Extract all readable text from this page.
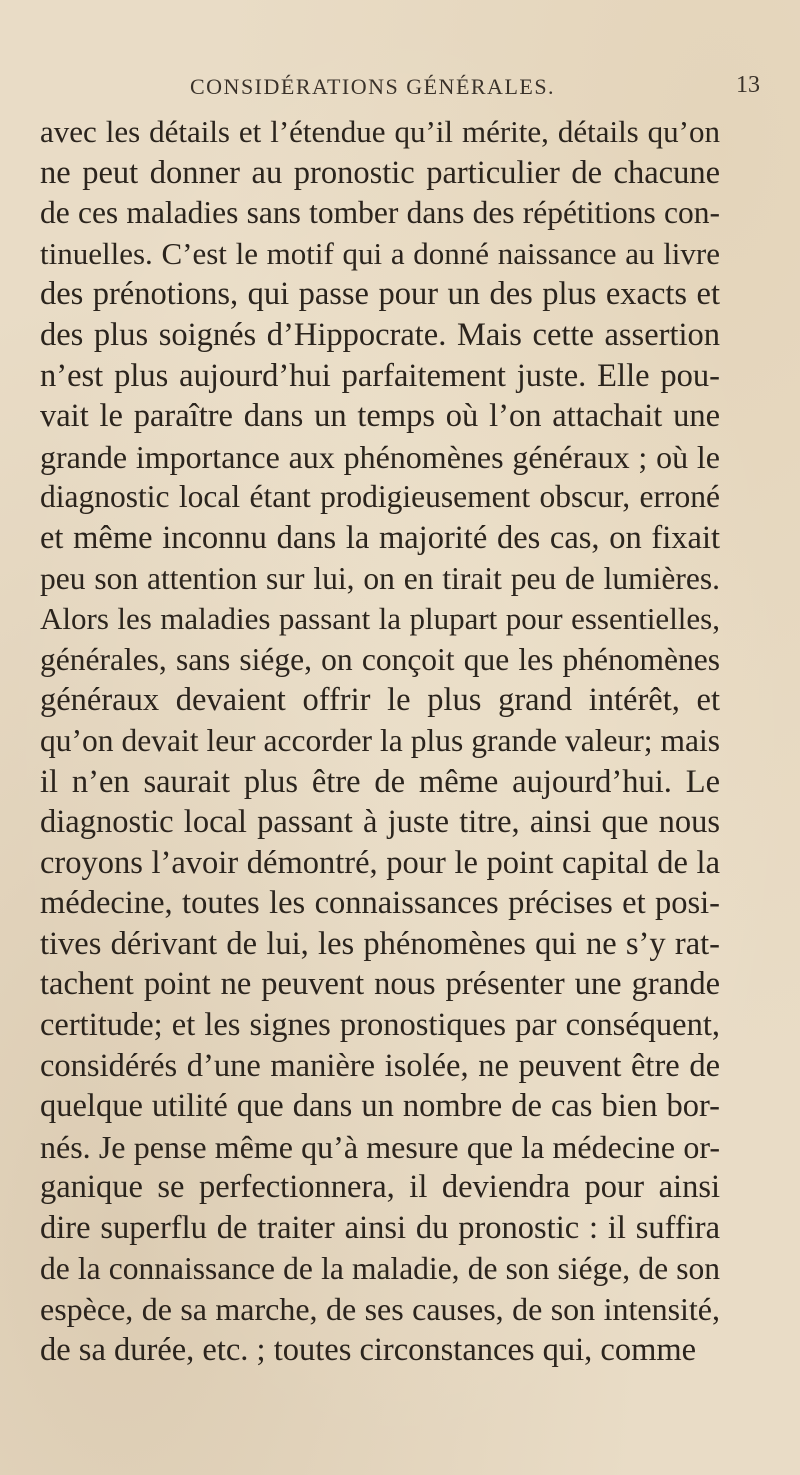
CONSIDÉRATIONS GÉNÉRALES.	13
avec les détails et l’étendue qu’il mérite, détails qu’on
ne peut donner au pronostic particulier de chacune
de ces maladies sans tomber dans des répétitions con-
tinuelles. C’est le motif qui a donné naissance au livre
des prénotions, qui passe pour un des plus exacts et
des plus soignés d’Hippocrate. Mais cette assertion
n’est plus aujourd’hui parfaitement juste. Elle pou-
vait le paraître dans un temps où l’on attachait une
grande importance aux phénomènes généraux ; où le
diagnostic local étant prodigieusement obscur, erroné
et même inconnu dans la majorité des cas, on fixait
peu son attention sur lui, on en tirait peu de lumières.
Alors les maladies passant la plupart pour essentielles,
générales, sans siége, on conçoit que les phénomènes
généraux devaient offrir le plus grand intérêt, et
qu’on devait leur accorder la plus grande valeur; mais
il n’en saurait plus être de même aujourd’hui. Le
diagnostic local passant à juste titre, ainsi que nous
croyons l’avoir démontré, pour le point capital de la
médecine, toutes les connaissances précises et posi-
tives dérivant de lui, les phénomènes qui ne s’y rat-
tachent point ne peuvent nous présenter une grande
certitude; et les signes pronostiques par conséquent,
considérés d’une manière isolée, ne peuvent être de
quelque utilité que dans un nombre de cas bien bor-
nés. Je pense même qu’à mesure que la médecine or-
ganique se perfectionnera, il deviendra pour ainsi
dire superflu de traiter ainsi du pronostic : il suffira
de la connaissance de la maladie, de son siége, de son
espèce, de sa marche, de ses causes, de son intensité,
de sa durée, etc. ; toutes circonstances qui, comme
